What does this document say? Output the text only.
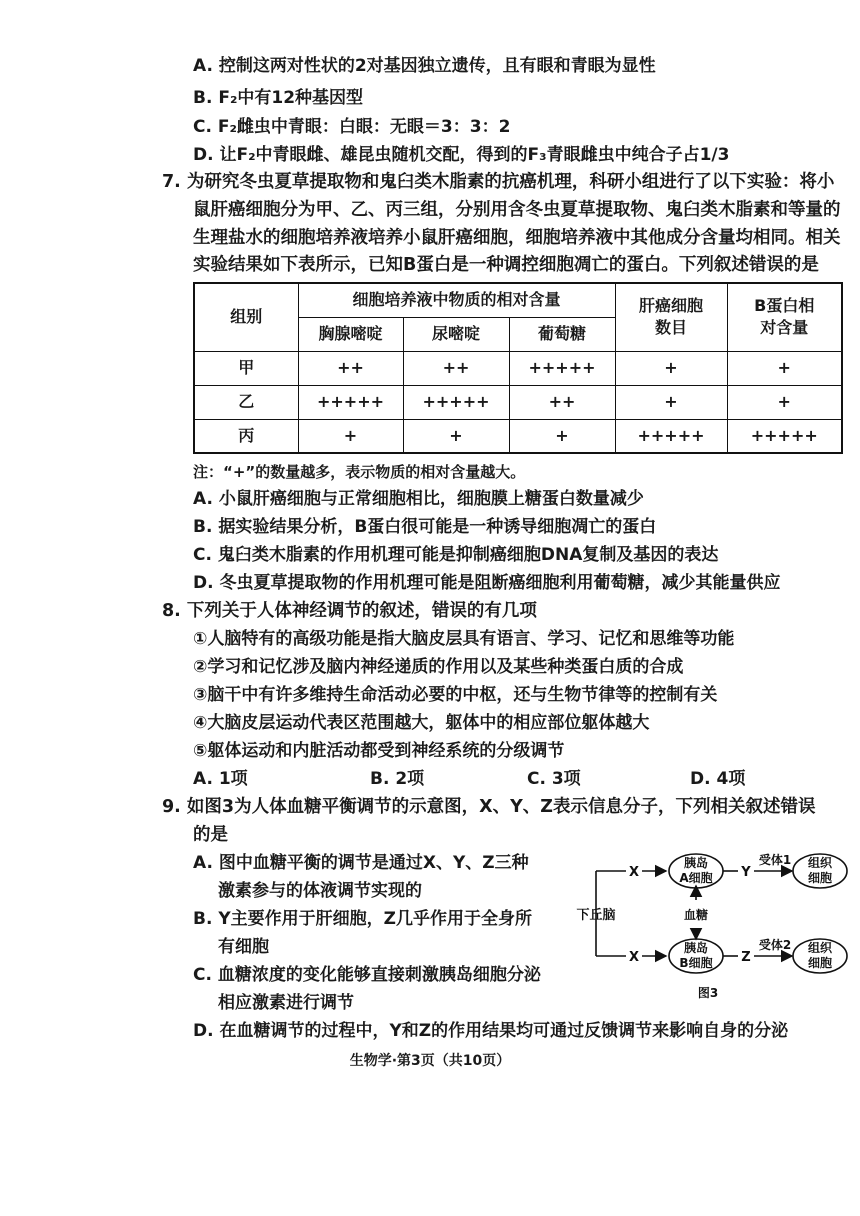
A. 控制这两对性状的2对基因独立遗传，且有眼和青眼为显性
B. F₂中有12种基因型
C. F₂雌虫中青眼：白眼：无眼＝3：3：2
D. 让F₂中青眼雌、雄昆虫随机交配，得到的F₃青眼雌虫中纯合子占1/3
7. 为研究冬虫夏草提取物和鬼臼类木脂素的抗癌机理，科研小组进行了以下实验：将小
鼠肝癌细胞分为甲、乙、丙三组，分别用含冬虫夏草提取物、鬼臼类木脂素和等量的
生理盐水的细胞培养液培养小鼠肝癌细胞，细胞培养液中其他成分含量均相同。相关
实验结果如下表所示，已知B蛋白是一种调控细胞凋亡的蛋白。下列叙述错误的是
组别	细胞培养液中物质的相对含量			肝癌细胞数目	B蛋白相对含量
	胸腺嘧啶	尿嘧啶	葡萄糖		
甲	++	++	+++++	+	+
乙	+++++	+++++	++	+	+
丙	+	+	+	+++++	+++++
注：“+”的数量越多，表示物质的相对含量越大。
A. 小鼠肝癌细胞与正常细胞相比，细胞膜上糖蛋白数量减少
B. 据实验结果分析，B蛋白很可能是一种诱导细胞凋亡的蛋白
C. 鬼臼类木脂素的作用机理可能是抑制癌细胞DNA复制及基因的表达
D. 冬虫夏草提取物的作用机理可能是阻断癌细胞利用葡萄糖，减少其能量供应
8. 下列关于人体神经调节的叙述，错误的有几项
①人脑特有的高级功能是指大脑皮层具有语言、学习、记忆和思维等功能
②学习和记忆涉及脑内神经递质的作用以及某些种类蛋白质的合成
③脑干中有许多维持生命活动必要的中枢，还与生物节律等的控制有关
④大脑皮层运动代表区范围越大，躯体中的相应部位躯体越大
⑤躯体运动和内脏活动都受到神经系统的分级调节
A. 1项	B. 2项	C. 3项	D. 4项
9. 如图3为人体血糖平衡调节的示意图，X、Y、Z表示信息分子，下列相关叙述错误
的是
A. 图中血糖平衡的调节是通过X、Y、Z三种
激素参与的体液调节实现的
B. Y主要作用于肝细胞，Z几乎作用于全身所
有细胞
C. 血糖浓度的变化能够直接刺激胰岛细胞分泌
相应激素进行调节
D. 在血糖调节的过程中，Y和Z的作用结果均可通过反馈调节来影响自身的分泌
下丘脑
X
X
胰岛
A细胞
胰岛
B细胞
血糖
Y
Z
受体1
受体2
组织
细胞
组织
细胞
图3
生物学·第3页（共10页）
